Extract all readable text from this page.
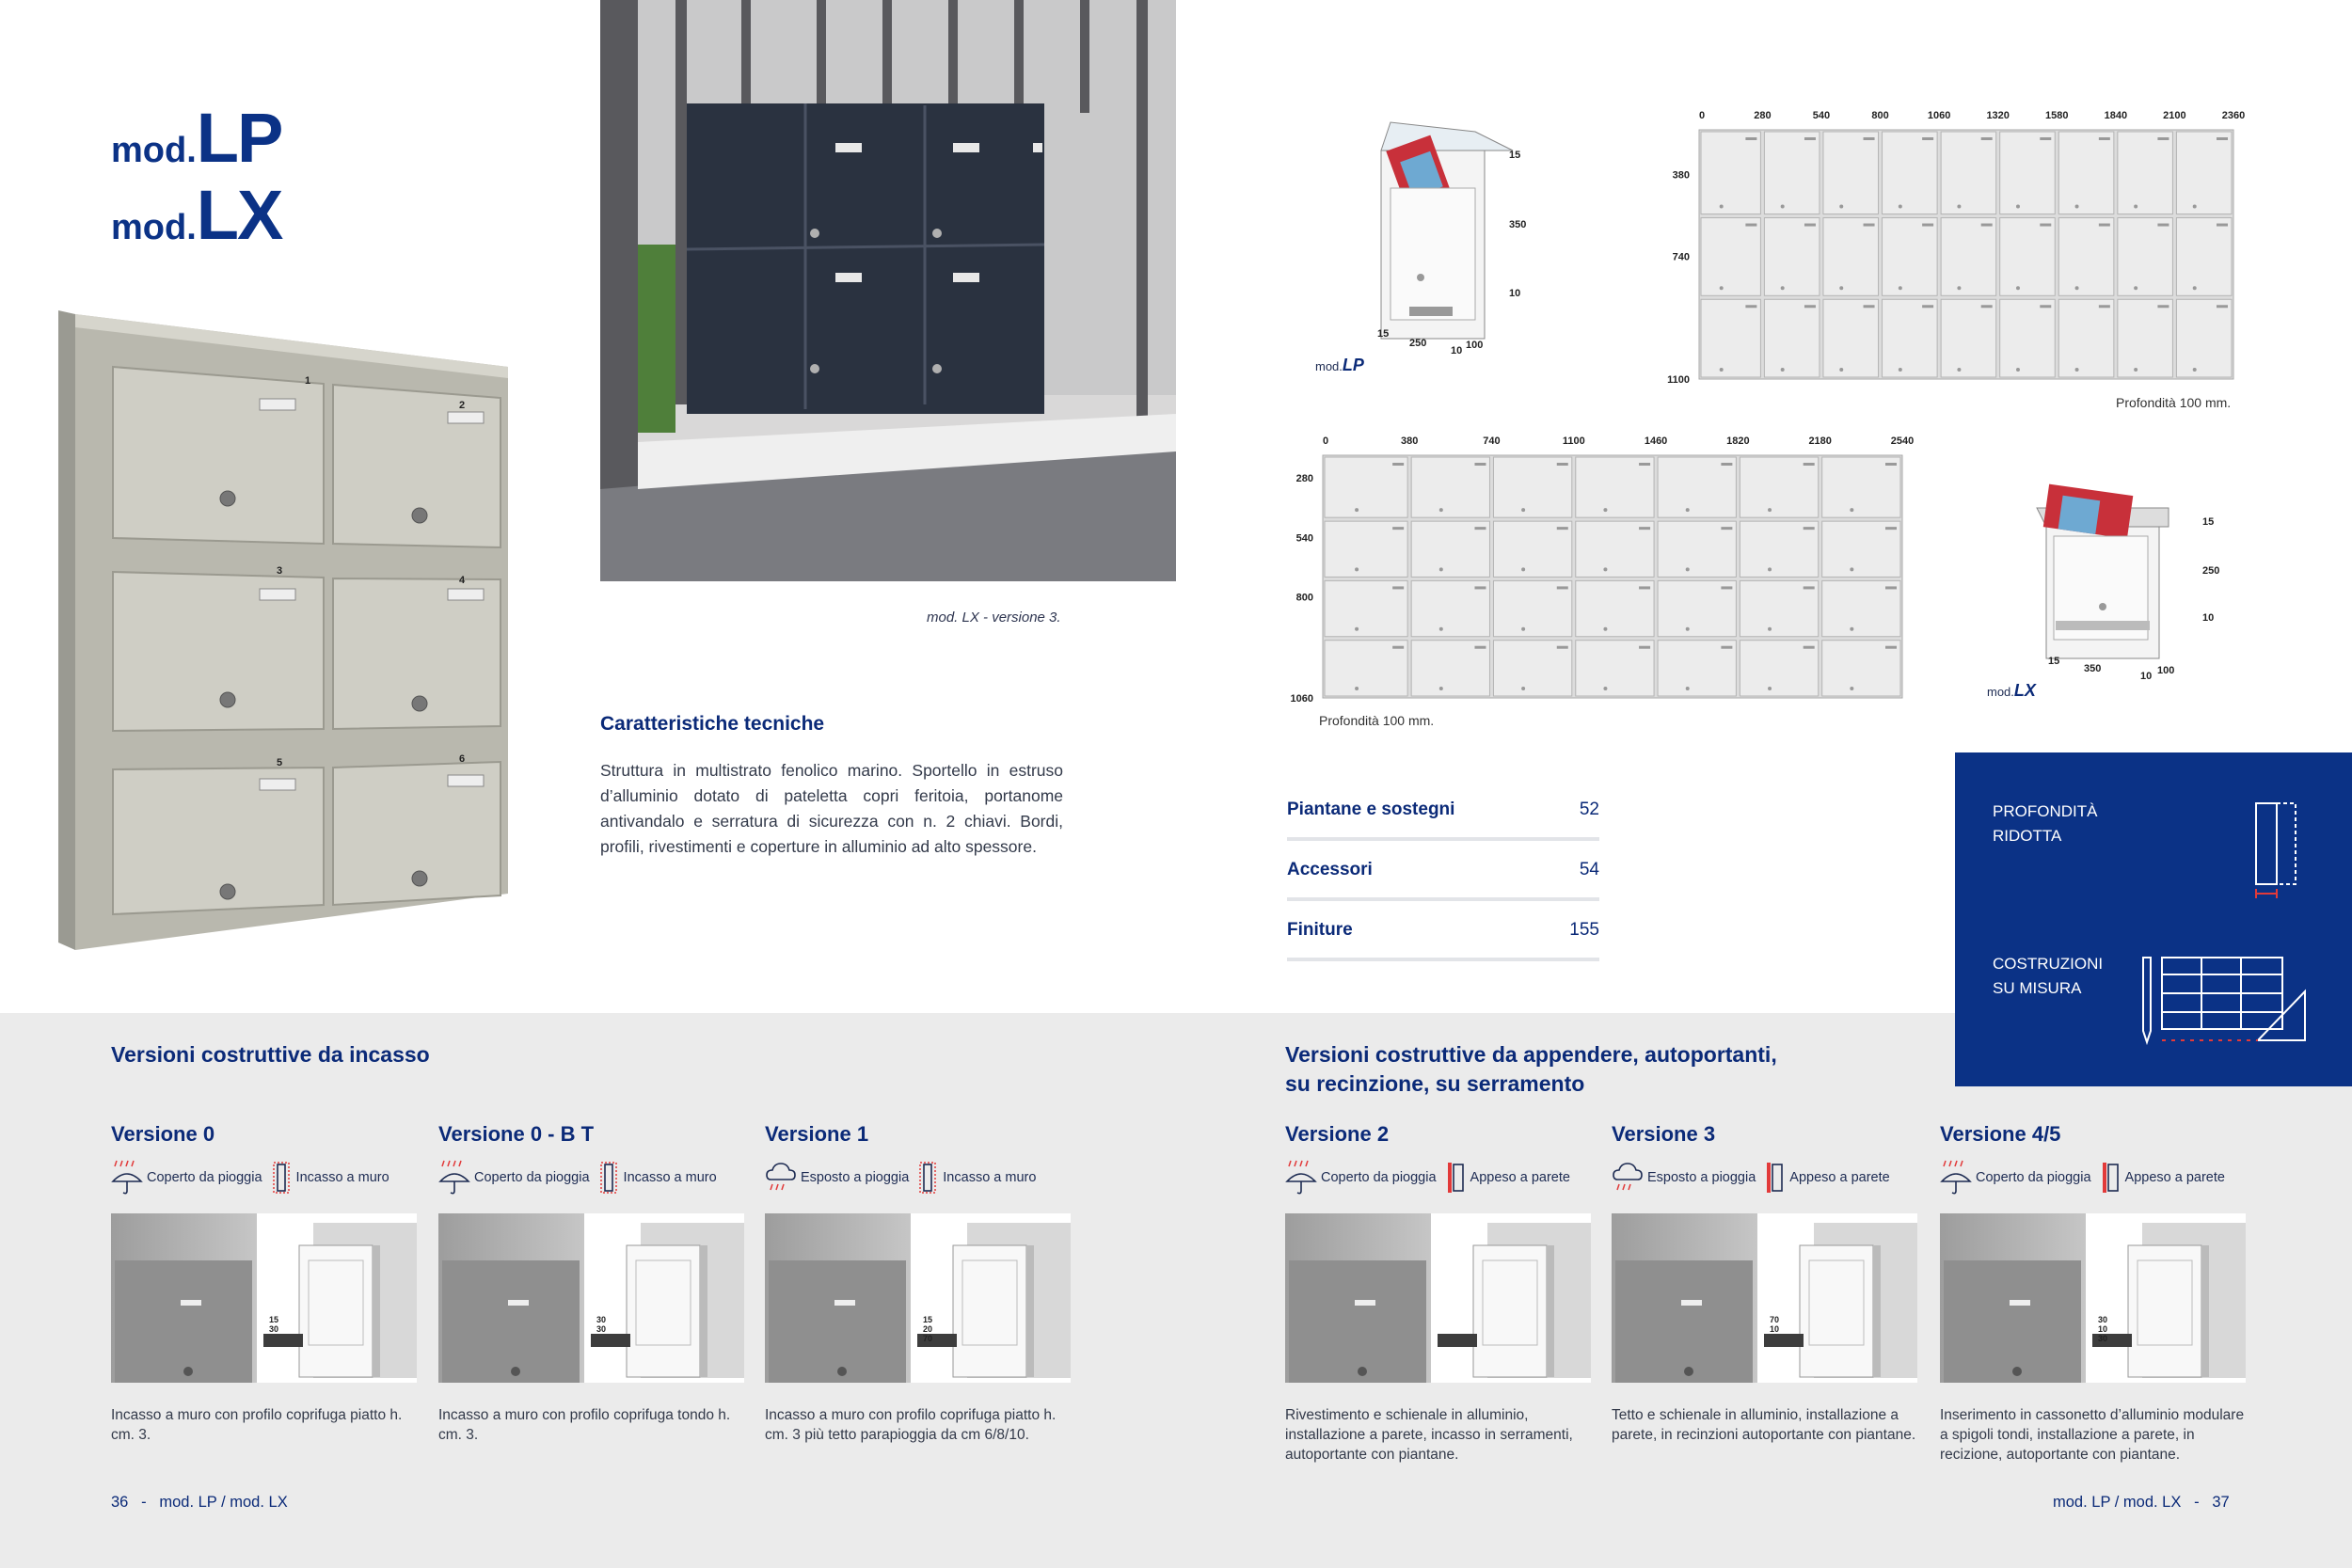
mod. LP
mod. LX
1
2
3
4
5	6
mod. LX - versione 3.
Caratteristiche tecniche
Struttura in multistrato fenolico marino. Sportello in estruso d’alluminio dotato di pateletta copri feritoia, portanome antivandalo e serratura di sicurezza con n. 2 chiavi. Bordi, profili, rivestimenti e coperture in alluminio ad alto spessore.
15
350
10
15
250
10 100
mod.LP
0	280	540	800	1060	1320	1580	1840	2100	2360
380
740
1100
Profondità 100 mm.
0	380	740	1100	1460	1820	2180	2540
280
540
800
1060
Profondità 100 mm.
15
250
10
15
350
10 100
mod.LX
Piantane e sostegni	52
Accessori	54
Finiture	155
PROFONDITÀ
RIDOTTA
COSTRUZIONI
SU MISURA
Versioni costruttive da incasso	Versioni costruttive da appendere, autoportanti,
su recinzione, su serramento
Versione 0
Coperto da pioggia Incasso a muro
15
30
Incasso a muro con profilo coprifuga piatto h. cm. 3.
Versione 0 - B T
Coperto da pioggia Incasso a muro
30
30
Incasso a muro con profilo coprifuga tondo h. cm. 3.
Versione 1
Esposto a pioggia Incasso a muro
15
20
70
Incasso a muro con profilo coprifuga piatto h. cm. 3 più tetto parapioggia da cm 6/8/10.
Versione 2
Coperto da pioggia Appeso a parete
Rivestimento e schienale in alluminio, installazione a parete, incasso in serramenti, autoportante con piantane.
Versione 3
Esposto a pioggia Appeso a parete
70
10
Tetto e schienale in alluminio, installazione a parete, in recinzioni autoportante con piantane.
Versione 4/5
Coperto da pioggia Appeso a parete
30
10
30
Inserimento in cassonetto d’alluminio modulare a spigoli tondi, installazione a parete, in recizione, autoportante con piantane.
36   -   mod. LP / mod. LX	mod. LP / mod. LX   -   37
